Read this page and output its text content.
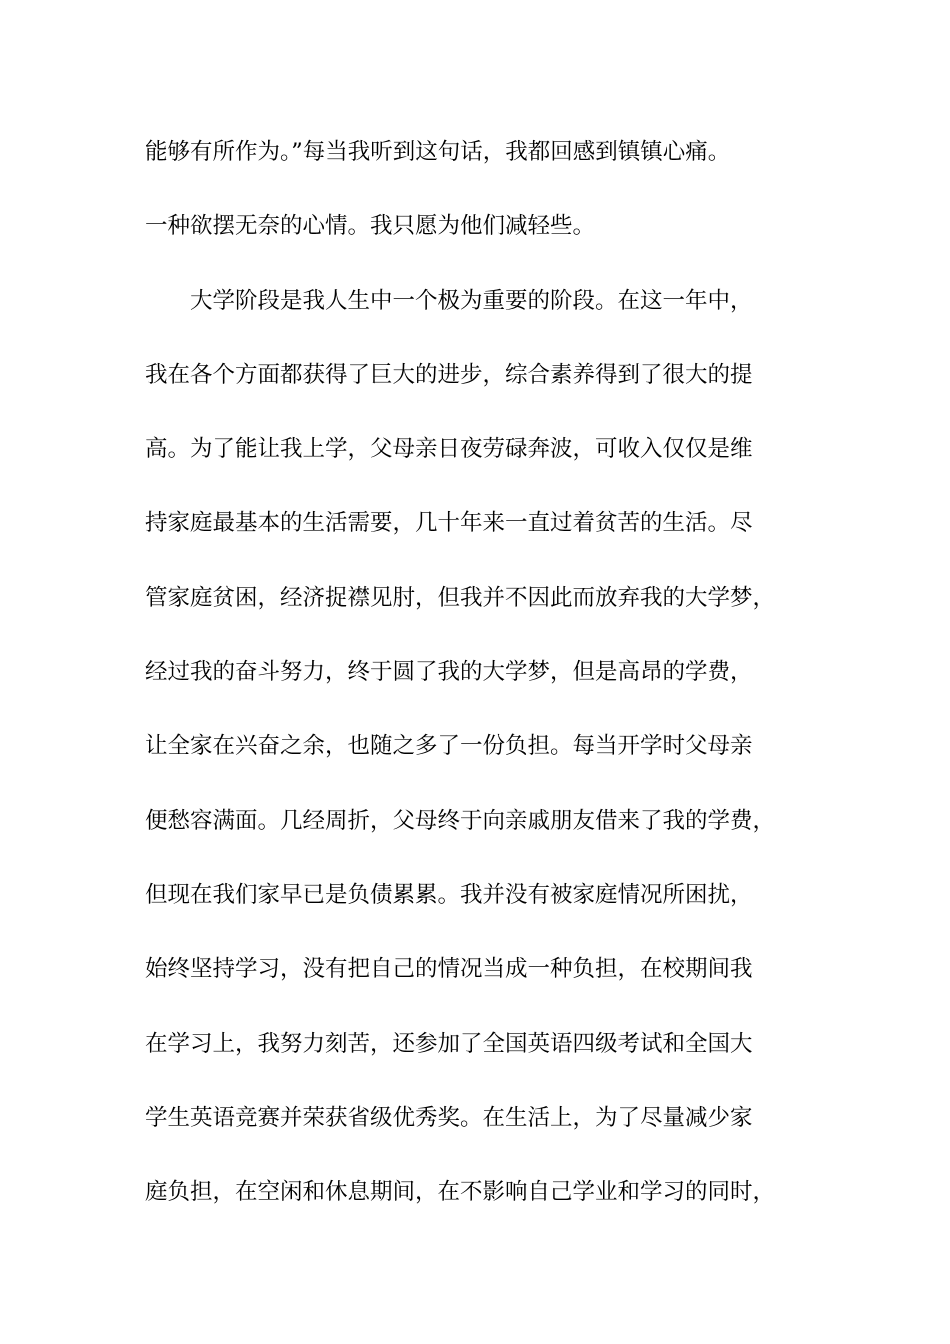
能够有所作为。”每当我听到这句话，我都回感到镇镇心痛。
一种欲摆无奈的心情。我只愿为他们减轻些。
大学阶段是我人生中一个极为重要的阶段。在这一年中，
我在各个方面都获得了巨大的进步，综合素养得到了很大的提
高。为了能让我上学，父母亲日夜劳碌奔波，可收入仅仅是维
持家庭最基本的生活需要，几十年来一直过着贫苦的生活。尽
管家庭贫困，经济捉襟见肘，但我并不因此而放弃我的大学梦，
经过我的奋斗努力，终于圆了我的大学梦，但是高昂的学费，
让全家在兴奋之余，也随之多了一份负担。每当开学时父母亲
便愁容满面。几经周折，父母终于向亲戚朋友借来了我的学费，
但现在我们家早已是负债累累。我并没有被家庭情况所困扰，
始终坚持学习，没有把自己的情况当成一种负担，在校期间我
在学习上，我努力刻苦，还参加了全国英语四级考试和全国大
学生英语竞赛并荣获省级优秀奖。在生活上，为了尽量减少家
庭负担，在空闲和休息期间，在不影响自己学业和学习的同时，
